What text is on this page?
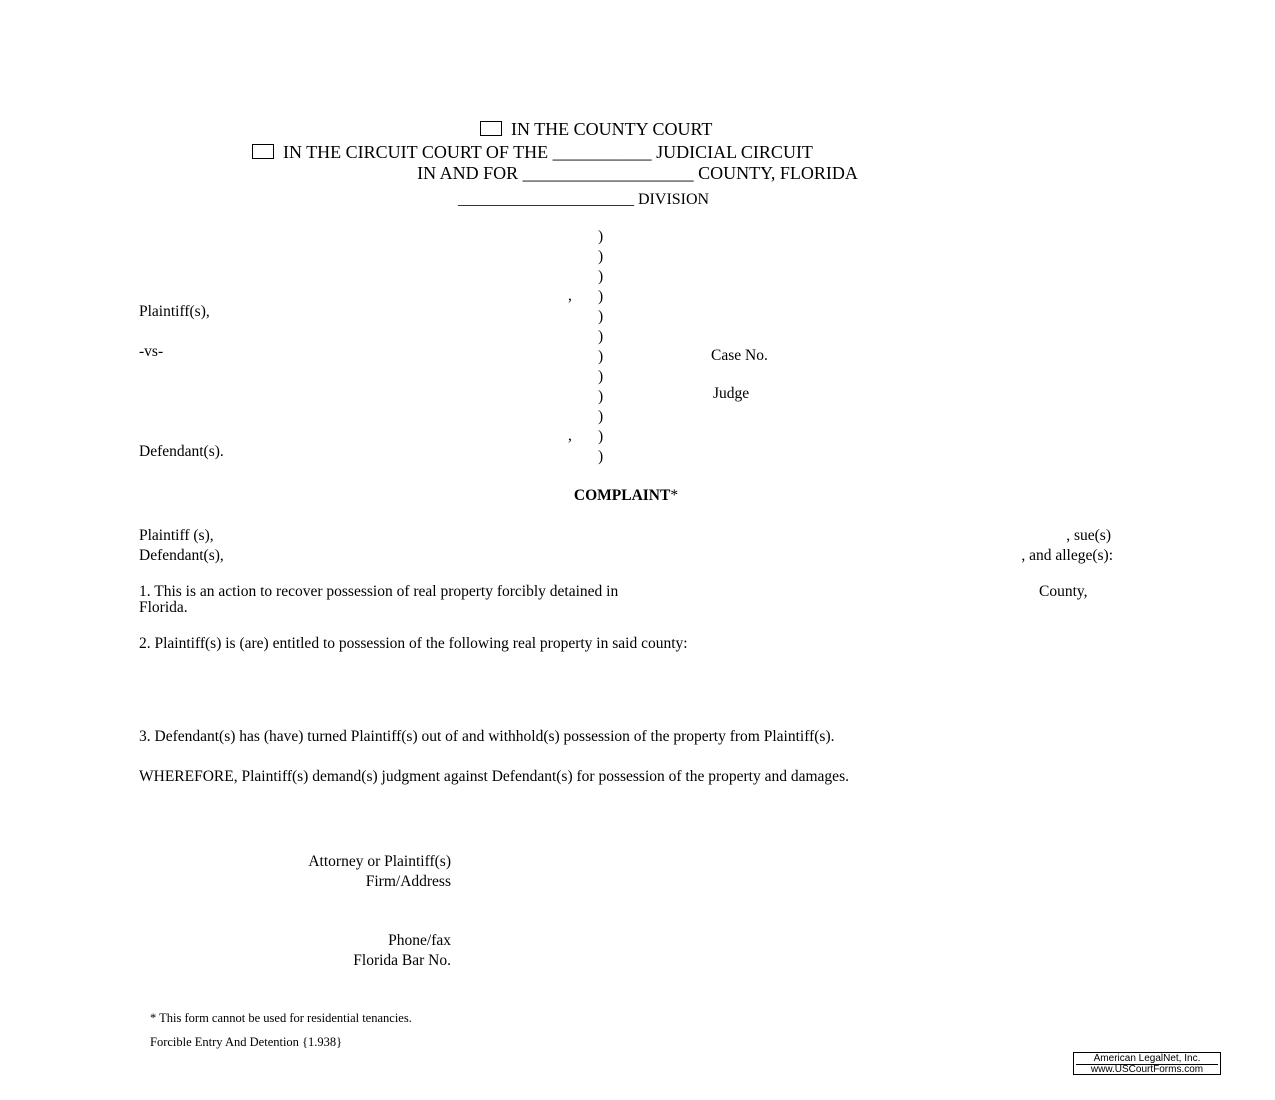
IN THE COUNTY COURT
IN THE CIRCUIT COURT OF THE ___________ JUDICIAL CIRCUIT
IN AND FOR ___________________ COUNTY, FLORIDA
______________________ DIVISION
)
)
)
)
)
)
)
)
)
)
)
)
,
,
Plaintiff(s),
-vs-
Defendant(s).
Case No.
Judge
COMPLAINT*
Plaintiff (s),	, sue(s)
Defendant(s),	, and allege(s):
1. This is an action to recover possession of real property forcibly detained in	County,
Florida.
2. Plaintiff(s) is (are) entitled to possession of the following real property in said county:
3. Defendant(s) has (have) turned Plaintiff(s) out of and withhold(s) possession of the property from Plaintiff(s).
WHEREFORE, Plaintiff(s) demand(s) judgment against Defendant(s) for possession of the property and damages.
Attorney or Plaintiff(s)
Firm/Address
Phone/fax
Florida Bar No.
* This form cannot be used for residential tenancies.
Forcible Entry And Detention {1.938}
American LegalNet, Inc.
www.USCourtForms.com
